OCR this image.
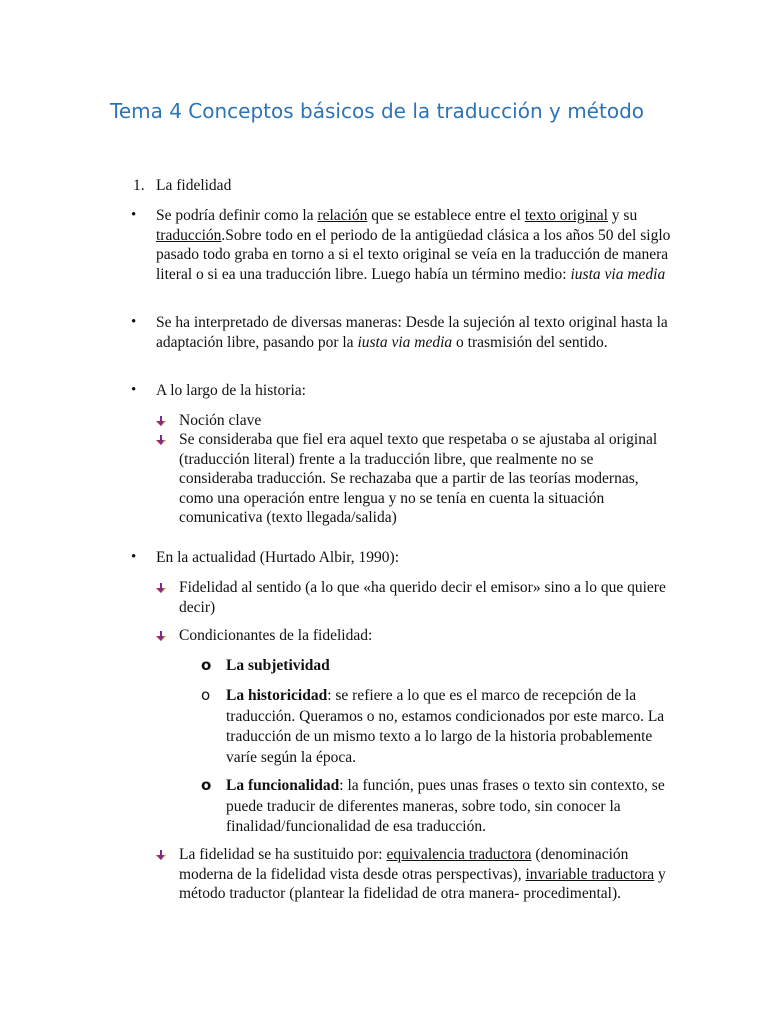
Tema 4 Conceptos básicos de la traducción y método
1. La fidelidad
• Se podría definir como la relación que se establece entre el texto original y su traducción.Sobre todo en el periodo de la antigüedad clásica a los años 50 del siglo pasado todo graba en torno a si el texto original se veía en la traducción de manera literal o si ea una traducción libre. Luego había un término medio: iusta via media
• Se ha interpretado de diversas maneras: Desde la sujeción al texto original hasta la adaptación libre, pasando por la iusta via media o trasmisión del sentido.
• A lo largo de la historia:
Noción clave
Se consideraba que fiel era aquel texto que respetaba o se ajustaba al original (traducción literal) frente a la traducción libre, que realmente no se consideraba traducción. Se rechazaba que a partir de las teorías modernas, como una operación entre lengua y no se tenía en cuenta la situación comunicativa (texto llegada/salida)
• En la actualidad (Hurtado Albir, 1990):
Fidelidad al sentido (a lo que «ha querido decir el emisor» sino a lo que quiere decir)
Condicionantes de la fidelidad:
o La subjetividad
o La historicidad: se refiere a lo que es el marco de recepción de la traducción. Queramos o no, estamos condicionados por este marco. La traducción de un mismo texto a lo largo de la historia probablemente varíe según la época.
o La funcionalidad: la función, pues unas frases o texto sin contexto, se puede traducir de diferentes maneras, sobre todo, sin conocer la finalidad/funcionalidad de esa traducción.
La fidelidad se ha sustituido por: equivalencia traductora (denominación moderna de la fidelidad vista desde otras perspectivas), invariable traductora y método traductor (plantear la fidelidad de otra manera- procedimental).
